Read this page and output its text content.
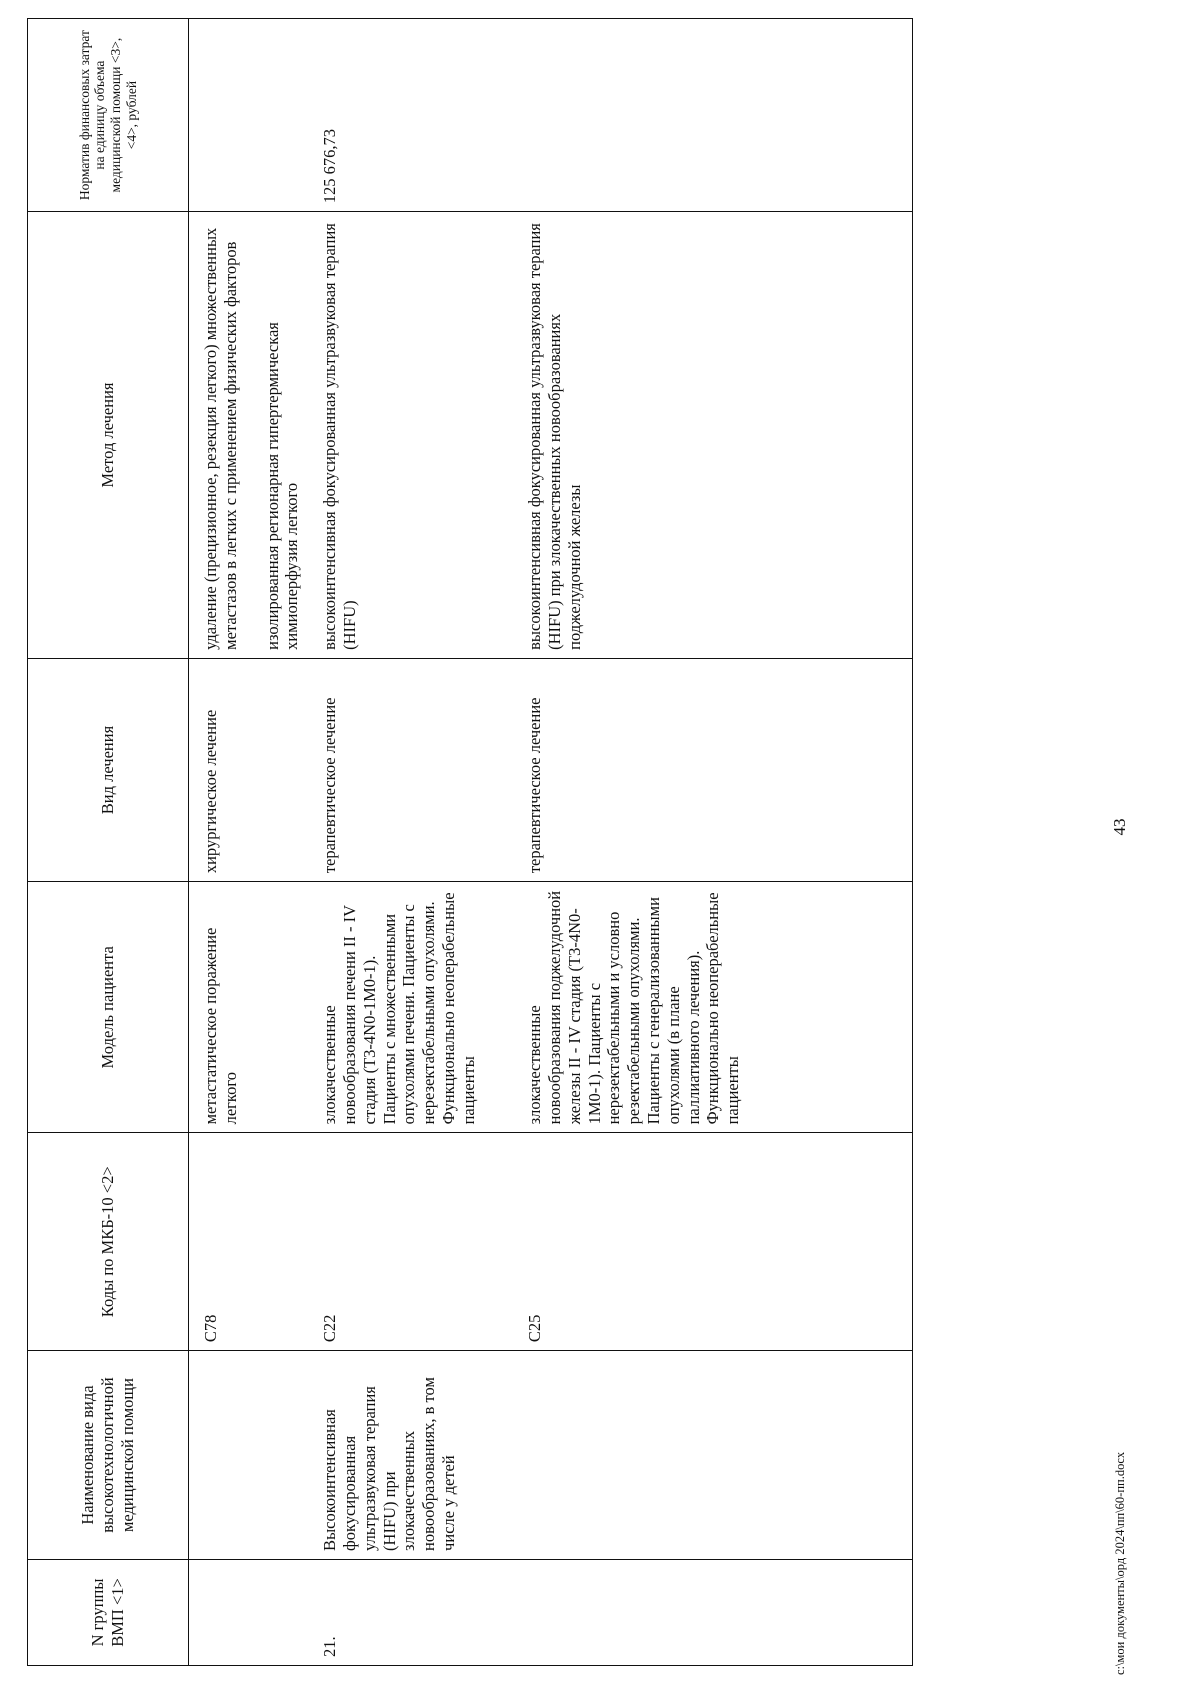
43
N группы ВМП <1>	Наименование вида высокотехнологичной медицинской помощи	Коды по МКБ-10 <2>	Модель пациента	Вид лечения	Метод лечения	Норматив финансовых затрат на единицу объема медицинской помощи <3>, <4>, рублей
		C78	метастатическое поражение легкого	хирургическое лечение	удаление (прецизионное, резекция легкого) множественных метастазов в легких с применением физических факторов изолированная регионарная гипертермическая химиоперфузия легкого	

21.	Высокоинтенсивная фокусированная ультразвуковая терапия (HIFU) при злокачественных новообразованиях, в том числе у детей	C22	злокачественные новообразования печени II - IV стадия (T3-4N0-1M0-1). Пациенты с множественными опухолями печени. Пациенты с нерезектабельными опухолями. Функционально неоперабельные пациенты	терапевтическое лечение	высокоинтенсивная фокусированная ультразвуковая терапия (HIFU)	125 676,73
		C25	злокачественные новообразования поджелудочной железы II - IV стадия (T3-4N0-1M0-1). Пациенты с нерезектабельными и условно резектабельными опухолями. Пациенты с генерализованными опухолями (в плане паллиативного лечения). Функционально неоперабельные пациенты	терапевтическое лечение	высокоинтенсивная фокусированная ультразвуковая терапия (HIFU) при злокачественных новообразованиях поджелудочной железы	

c:\мои документы\орд 2024\пп\60-пп.docx
